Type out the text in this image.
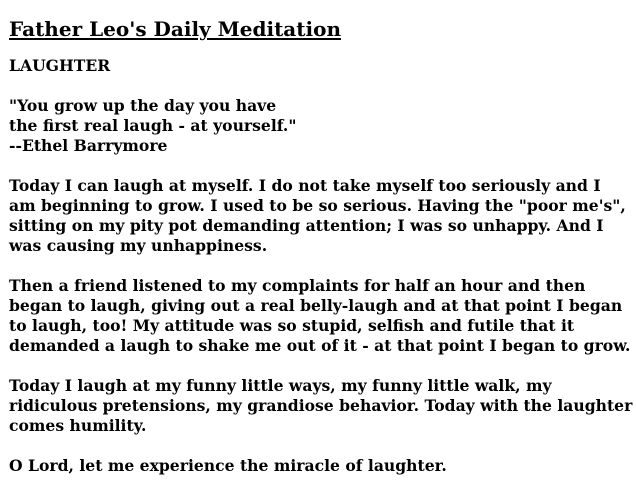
Father Leo's Daily Meditation
LAUGHTER
"You grow up the day you have
the first real laugh - at yourself."
--Ethel Barrymore
Today I can laugh at myself. I do not take myself too seriously and I
am beginning to grow. I used to be so serious. Having the "poor me's",
sitting on my pity pot demanding attention; I was so unhappy. And I
was causing my unhappiness.
Then a friend listened to my complaints for half an hour and then
began to laugh, giving out a real belly-laugh and at that point I began
to laugh, too! My attitude was so stupid, selfish and futile that it
demanded a laugh to shake me out of it - at that point I began to grow.
Today I laugh at my funny little ways, my funny little walk, my
ridiculous pretensions, my grandiose behavior. Today with the laughter
comes humility.
O Lord, let me experience the miracle of laughter.
